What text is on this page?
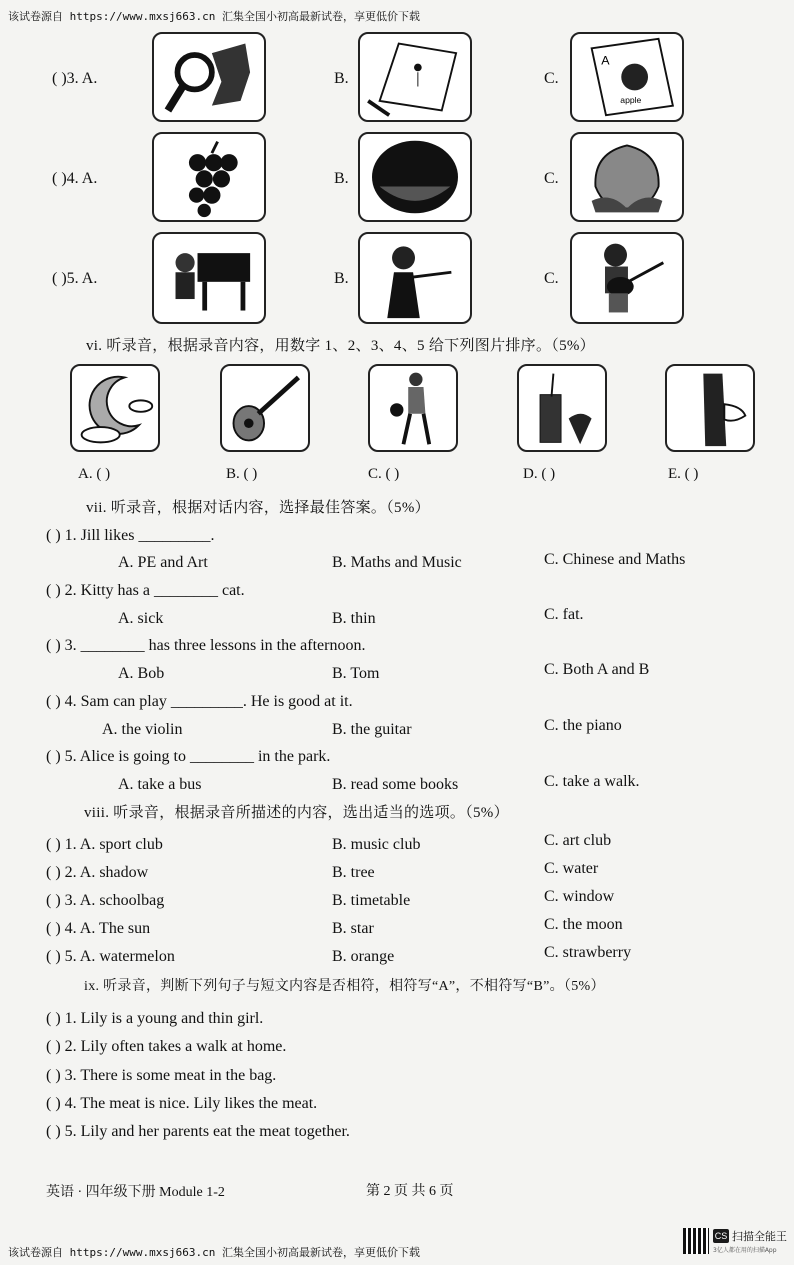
该试卷源自 https://www.mxsj663.cn 汇集全国小初高最新试卷，享更低价下载
( )3. A.	B.	C.
A
apple
( )4. A.	B.	C.
( )5. A.	B.	C.
vi. 听录音，根据录音内容，用数字 1、2、3、4、5 给下列图片排序。（5%）
A. ( )	B. ( )	C. ( )	D. ( )	E. ( )
vii. 听录音，根据对话内容，选择最佳答案。（5%）
( ) 1. Jill likes _________.
A. PE and Art	B. Maths and Music	C. Chinese and Maths
( ) 2. Kitty has a ________ cat.
A. sick	B. thin	C. fat.
( ) 3. ________ has three lessons in the afternoon.
A. Bob	B. Tom	C. Both A and B
( ) 4. Sam can play _________. He is good at it.
A. the violin	B. the guitar	C. the piano
( ) 5. Alice is going to ________ in the park.
A. take a bus	B. read some books	C. take a walk.
viii. 听录音，根据录音所描述的内容，选出适当的选项。（5%）
( ) 1. A. sport club	B. music club	C. art club
( ) 2. A. shadow	B. tree	C. water
( ) 3. A. schoolbag	B. timetable	C. window
( ) 4. A. The sun	B. star	C. the moon
( ) 5. A. watermelon	B. orange	C. strawberry
ix. 听录音，判断下列句子与短文内容是否相符，相符写“A”，不相符写“B”。（5%）
( ) 1. Lily is a young and thin girl.
( ) 2. Lily often takes a walk at home.
( ) 3. There is some meat in the bag.
( ) 4. The meat is nice. Lily likes the meat.
( ) 5. Lily and her parents eat the meat together.
英语 · 四年级下册 Module 1-2	第 2 页 共 6 页
CS 扫描全能王
3亿人都在用的扫描App
该试卷源自 https://www.mxsj663.cn 汇集全国小初高最新试卷，享更低价下载
